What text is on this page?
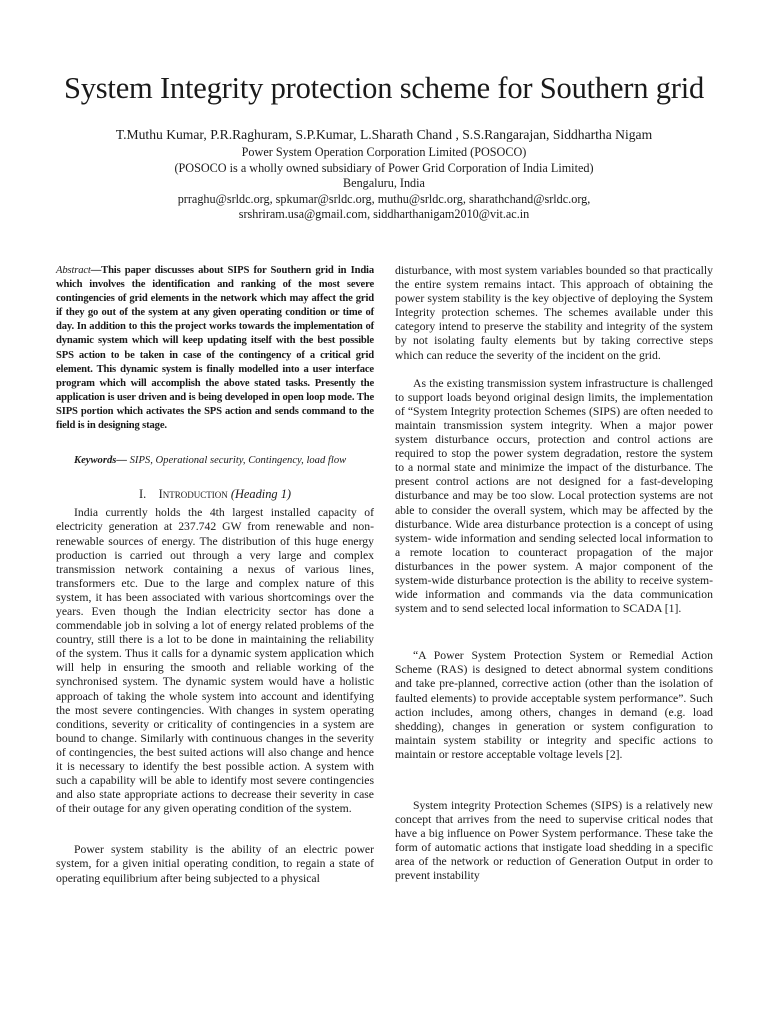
System Integrity protection scheme for Southern grid

T.Muthu Kumar, P.R.Raghuram, S.P.Kumar, L.Sharath Chand , S.S.Rangarajan, Siddhartha Nigam

Power System Operation Corporation Limited (POSOCO)
(POSOCO is a wholly owned subsidiary of Power Grid Corporation of India Limited)
Bengaluru, India
prraghu@srldc.org, spkumar@srldc.org, muthu@srldc.org, sharathchand@srldc.org,
srshriram.usa@gmail.com, siddharthanigam2010@vit.ac.in

Abstract—This paper discusses about SIPS for Southern grid in India which involves the identification and ranking of the most severe contingencies of grid elements in the network which may affect the grid if they go out of the system at any given operating condition or time of day. In addition to this the project works towards the implementation of dynamic system which will keep updating itself with the best possible SPS action to be taken in case of the contingency of a critical grid element. This dynamic system is finally modelled into a user interface program which will accomplish the above stated tasks. Presently the application is user driven and is being developed in open loop mode. The SIPS portion which activates the SPS action and sends command to the field is in designing stage.

Keywords— SIPS, Operational security, Contingency, load flow

I. Introduction (Heading 1)

India currently holds the 4th largest installed capacity of electricity generation at 237.742 GW from renewable and non-renewable sources of energy. The distribution of this huge energy production is carried out through a very large and complex transmission network containing a nexus of various lines, transformers etc. Due to the large and complex nature of this system, it has been associated with various shortcomings over the years. Even though the Indian electricity sector has done a commendable job in solving a lot of energy related problems of the country, still there is a lot to be done in maintaining the reliability of the system. Thus it calls for a dynamic system application which will help in ensuring the smooth and reliable working of the synchronised system. The dynamic system would have a holistic approach of taking the whole system into account and identifying the most severe contingencies. With changes in system operating conditions, severity or criticality of contingencies in a system are bound to change. Similarly with continuous changes in the severity of contingencies, the best suited actions will also change and hence it is necessary to identify the best possible action. A system with such a capability will be able to identify most severe contingencies and also state appropriate actions to decrease their severity in case of their outage for any given operating condition of the system.

Power system stability is the ability of an electric power system, for a given initial operating condition, to regain a state of operating equilibrium after being subjected to a physical

disturbance, with most system variables bounded so that practically the entire system remains intact. This approach of obtaining the power system stability is the key objective of deploying the System Integrity protection schemes. The schemes available under this category intend to preserve the stability and integrity of the system by not isolating faulty elements but by taking corrective steps which can reduce the severity of the incident on the grid.

As the existing transmission system infrastructure is challenged to support loads beyond original design limits, the implementation of “System Integrity protection Schemes (SIPS) are often needed to maintain transmission system integrity. When a major power system disturbance occurs, protection and control actions are required to stop the power system degradation, restore the system to a normal state and minimize the impact of the disturbance. The present control actions are not designed for a fast-developing disturbance and may be too slow. Local protection systems are not able to consider the overall system, which may be affected by the disturbance. Wide area disturbance protection is a concept of using system- wide information and sending selected local information to a remote location to counteract propagation of the major disturbances in the power system. A major component of the system-wide disturbance protection is the ability to receive system-wide information and commands via the data communication system and to send selected local information to SCADA [1].

“A Power System Protection System or Remedial Action Scheme (RAS) is designed to detect abnormal system conditions and take pre-planned, corrective action (other than the isolation of faulted elements) to provide acceptable system performance”. Such action includes, among others, changes in demand (e.g. load shedding), changes in generation or system configuration to maintain system stability or integrity and specific actions to maintain or restore acceptable voltage levels [2].

System integrity Protection Schemes (SIPS) is a relatively new concept that arrives from the need to supervise critical nodes that have a big influence on Power System performance. These take the form of automatic actions that instigate load shedding in a specific area of the network or reduction of Generation Output in order to prevent instability
